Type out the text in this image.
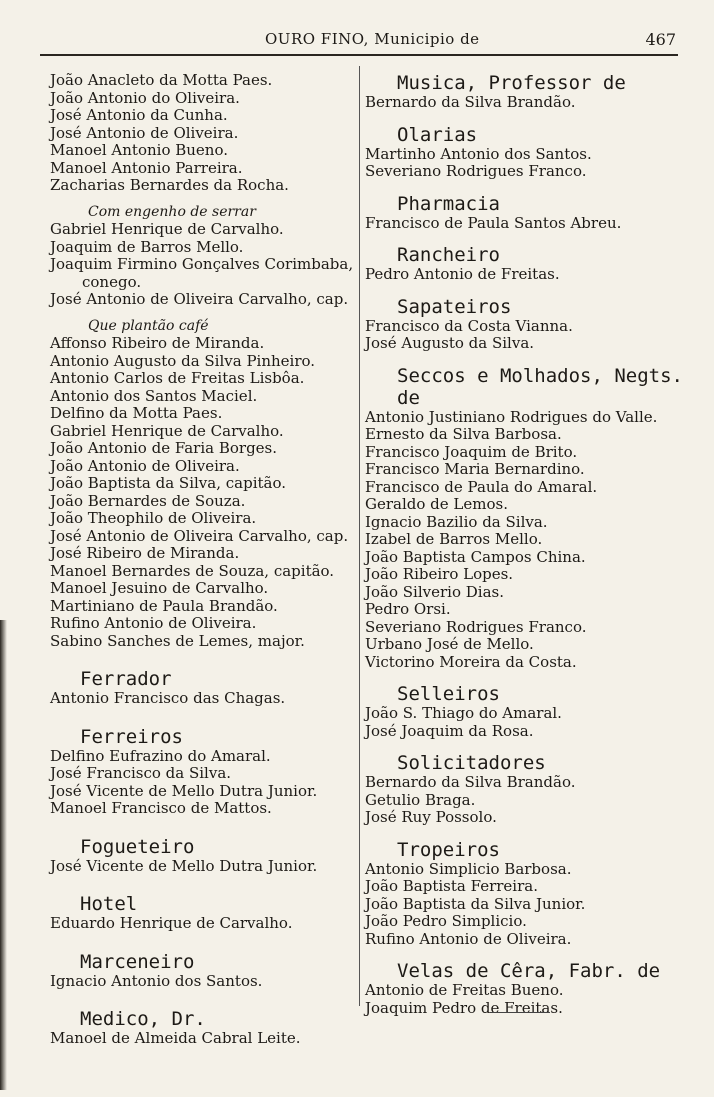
OURO FINO, Municipio de	467
João Anacleto da Motta Paes.
João Antonio do Oliveira.
José Antonio da Cunha.
José Antonio de Oliveira.
Manoel Antonio Bueno.
Manoel Antonio Parreira.
Zacharias Bernardes da Rocha.
Com engenho de serrar
Gabriel Henrique de Carvalho.
Joaquim de Barros Mello.
Joaquim Firmino Gonçalves Corimbaba,
conego.
José Antonio de Oliveira Carvalho, cap.
Que plantão café
Affonso Ribeiro de Miranda.
Antonio Augusto da Silva Pinheiro.
Antonio Carlos de Freitas Lisbôa.
Antonio dos Santos Maciel.
Delfino da Motta Paes.
Gabriel Henrique de Carvalho.
João Antonio de Faria Borges.
João Antonio de Oliveira.
João Baptista da Silva, capitão.
João Bernardes de Souza.
João Theophilo de Oliveira.
José Antonio de Oliveira Carvalho, cap.
José Ribeiro de Miranda.
Manoel Bernardes de Souza, capitão.
Manoel Jesuino de Carvalho.
Martiniano de Paula Brandão.
Rufino Antonio de Oliveira.
Sabino Sanches de Lemes, major.
Ferrador
Antonio Francisco das Chagas.
Ferreiros
Delfino Eufrazino do Amaral.
José Francisco da Silva.
José Vicente de Mello Dutra Junior.
Manoel Francisco de Mattos.
Fogueteiro
José Vicente de Mello Dutra Junior.
Hotel
Eduardo Henrique de Carvalho.
Marceneiro
Ignacio Antonio dos Santos.
Medico, Dr.
Manoel de Almeida Cabral Leite.
Musica, Professor de
Bernardo da Silva Brandão.
Olarias
Martinho Antonio dos Santos.
Severiano Rodrigues Franco.
Pharmacia
Francisco de Paula Santos Abreu.
Rancheiro
Pedro Antonio de Freitas.
Sapateiros
Francisco da Costa Vianna.
José Augusto da Silva.
Seccos e Molhados, Negts. de
Antonio Justiniano Rodrigues do Valle.
Ernesto da Silva Barbosa.
Francisco Joaquim de Brito.
Francisco Maria Bernardino.
Francisco de Paula do Amaral.
Geraldo de Lemos.
Ignacio Bazilio da Silva.
Izabel de Barros Mello.
João Baptista Campos China.
João Ribeiro Lopes.
João Silverio Dias.
Pedro Orsi.
Severiano Rodrigues Franco.
Urbano José de Mello.
Victorino Moreira da Costa.
Selleiros
João S. Thiago do Amaral.
José Joaquim da Rosa.
Solicitadores
Bernardo da Silva Brandão.
Getulio Braga.
José Ruy Possolo.
Tropeiros
Antonio Simplicio Barbosa.
João Baptista Ferreira.
João Baptista da Silva Junior.
João Pedro Simplicio.
Rufino Antonio de Oliveira.
Velas de Cêra, Fabr. de
Antonio de Freitas Bueno.
Joaquim Pedro de Freitas.
